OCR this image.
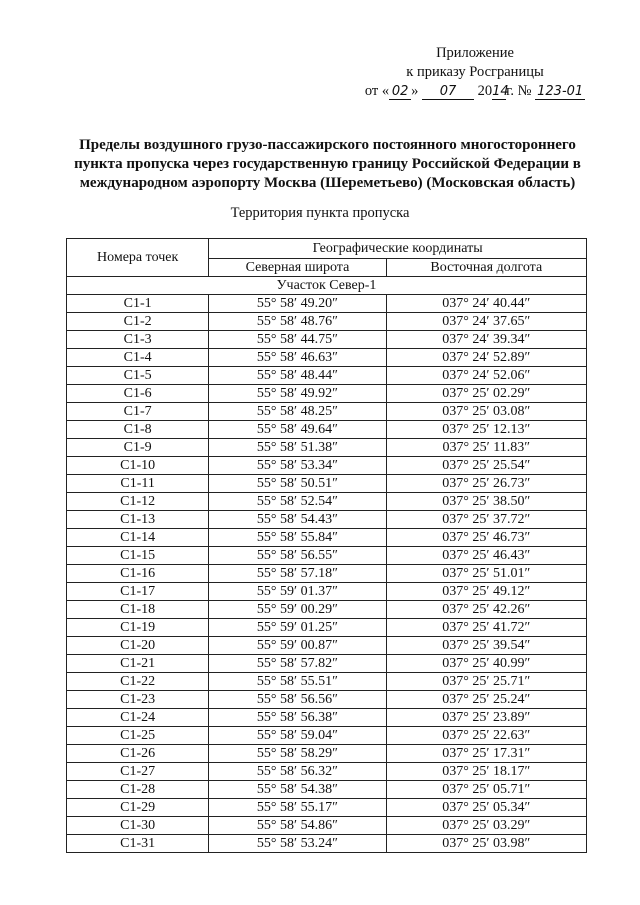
Приложение
к приказу Росграницы
от « 02 » 07 2014г. № 123-01
Пределы воздушного грузо-пассажирского постоянного многостороннего пункта пропуска через государственную границу Российской Федерации в международном аэропорту Москва (Шереметьево) (Московская область)
Территория пункта пропуска
Номера точек	Географические координаты	
	Северная широта	Восточная долгота
Участок Север-1		
С1-1	55° 58′ 49.20″	037° 24′ 40.44″
С1-2	55° 58′ 48.76″	037° 24′ 37.65″
С1-3	55° 58′ 44.75″	037° 24′ 39.34″
С1-4	55° 58′ 46.63″	037° 24′ 52.89″
С1-5	55° 58′ 48.44″	037° 24′ 52.06″
С1-6	55° 58′ 49.92″	037° 25′ 02.29″
С1-7	55° 58′ 48.25″	037° 25′ 03.08″
С1-8	55° 58′ 49.64″	037° 25′ 12.13″
С1-9	55° 58′ 51.38″	037° 25′ 11.83″
С1-10	55° 58′ 53.34″	037° 25′ 25.54″
С1-11	55° 58′ 50.51″	037° 25′ 26.73″
С1-12	55° 58′ 52.54″	037° 25′ 38.50″
С1-13	55° 58′ 54.43″	037° 25′ 37.72″
С1-14	55° 58′ 55.84″	037° 25′ 46.73″
С1-15	55° 58′ 56.55″	037° 25′ 46.43″
С1-16	55° 58′ 57.18″	037° 25′ 51.01″
С1-17	55° 59′ 01.37″	037° 25′ 49.12″
С1-18	55° 59′ 00.29″	037° 25′ 42.26″
С1-19	55° 59′ 01.25″	037° 25′ 41.72″
С1-20	55° 59′ 00.87″	037° 25′ 39.54″
С1-21	55° 58′ 57.82″	037° 25′ 40.99″
С1-22	55° 58′ 55.51″	037° 25′ 25.71″
С1-23	55° 58′ 56.56″	037° 25′ 25.24″
С1-24	55° 58′ 56.38″	037° 25′ 23.89″
С1-25	55° 58′ 59.04″	037° 25′ 22.63″
С1-26	55° 58′ 58.29″	037° 25′ 17.31″
С1-27	55° 58′ 56.32″	037° 25′ 18.17″
С1-28	55° 58′ 54.38″	037° 25′ 05.71″
С1-29	55° 58′ 55.17″	037° 25′ 05.34″
С1-30	55° 58′ 54.86″	037° 25′ 03.29″
С1-31	55° 58′ 53.24″	037° 25′ 03.98″
